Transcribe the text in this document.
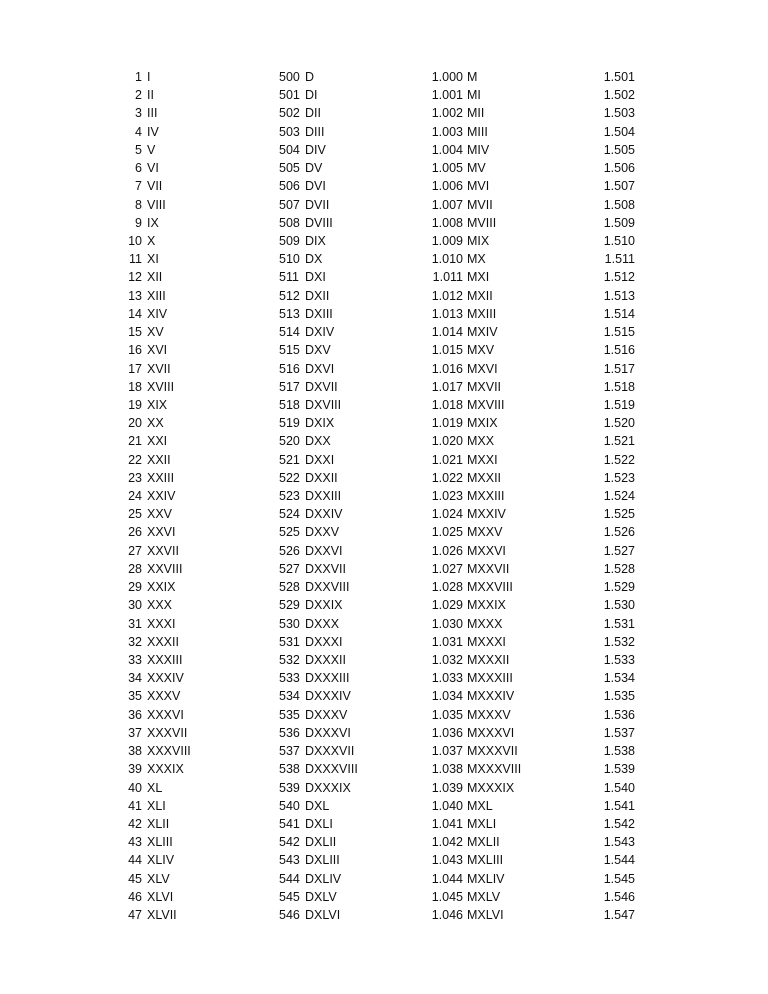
1 I	500 D	1.000 M	1.501
2 II	501 DI	1.001 MI	1.502
3 III	502 DII	1.002 MII	1.503
4 IV	503 DIII	1.003 MIII	1.504
5 V	504 DIV	1.004 MIV	1.505
6 VI	505 DV	1.005 MV	1.506
7 VII	506 DVI	1.006 MVI	1.507
8 VIII	507 DVII	1.007 MVII	1.508
9 IX	508 DVIII	1.008 MVIII	1.509
10 X	509 DIX	1.009 MIX	1.510
11 XI	510 DX	1.010 MX	1.511
12 XII	511 DXI	1.011 MXI	1.512
13 XIII	512 DXII	1.012 MXII	1.513
14 XIV	513 DXIII	1.013 MXIII	1.514
15 XV	514 DXIV	1.014 MXIV	1.515
16 XVI	515 DXV	1.015 MXV	1.516
17 XVII	516 DXVI	1.016 MXVI	1.517
18 XVIII	517 DXVII	1.017 MXVII	1.518
19 XIX	518 DXVIII	1.018 MXVIII	1.519
20 XX	519 DXIX	1.019 MXIX	1.520
21 XXI	520 DXX	1.020 MXX	1.521
22 XXII	521 DXXI	1.021 MXXI	1.522
23 XXIII	522 DXXII	1.022 MXXII	1.523
24 XXIV	523 DXXIII	1.023 MXXIII	1.524
25 XXV	524 DXXIV	1.024 MXXIV	1.525
26 XXVI	525 DXXV	1.025 MXXV	1.526
27 XXVII	526 DXXVI	1.026 MXXVI	1.527
28 XXVIII	527 DXXVII	1.027 MXXVII	1.528
29 XXIX	528 DXXVIII	1.028 MXXVIII	1.529
30 XXX	529 DXXIX	1.029 MXXIX	1.530
31 XXXI	530 DXXX	1.030 MXXX	1.531
32 XXXII	531 DXXXI	1.031 MXXXI	1.532
33 XXXIII	532 DXXXII	1.032 MXXXII	1.533
34 XXXIV	533 DXXXIII	1.033 MXXXIII	1.534
35 XXXV	534 DXXXIV	1.034 MXXXIV	1.535
36 XXXVI	535 DXXXV	1.035 MXXXV	1.536
37 XXXVII	536 DXXXVI	1.036 MXXXVI	1.537
38 XXXVIII	537 DXXXVII	1.037 MXXXVII	1.538
39 XXXIX	538 DXXXVIII	1.038 MXXXVIII	1.539
40 XL	539 DXXXIX	1.039 MXXXIX	1.540
41 XLI	540 DXL	1.040 MXL	1.541
42 XLII	541 DXLI	1.041 MXLI	1.542
43 XLIII	542 DXLII	1.042 MXLII	1.543
44 XLIV	543 DXLIII	1.043 MXLIII	1.544
45 XLV	544 DXLIV	1.044 MXLIV	1.545
46 XLVI	545 DXLV	1.045 MXLV	1.546
47 XLVII	546 DXLVI	1.046 MXLVI	1.547
